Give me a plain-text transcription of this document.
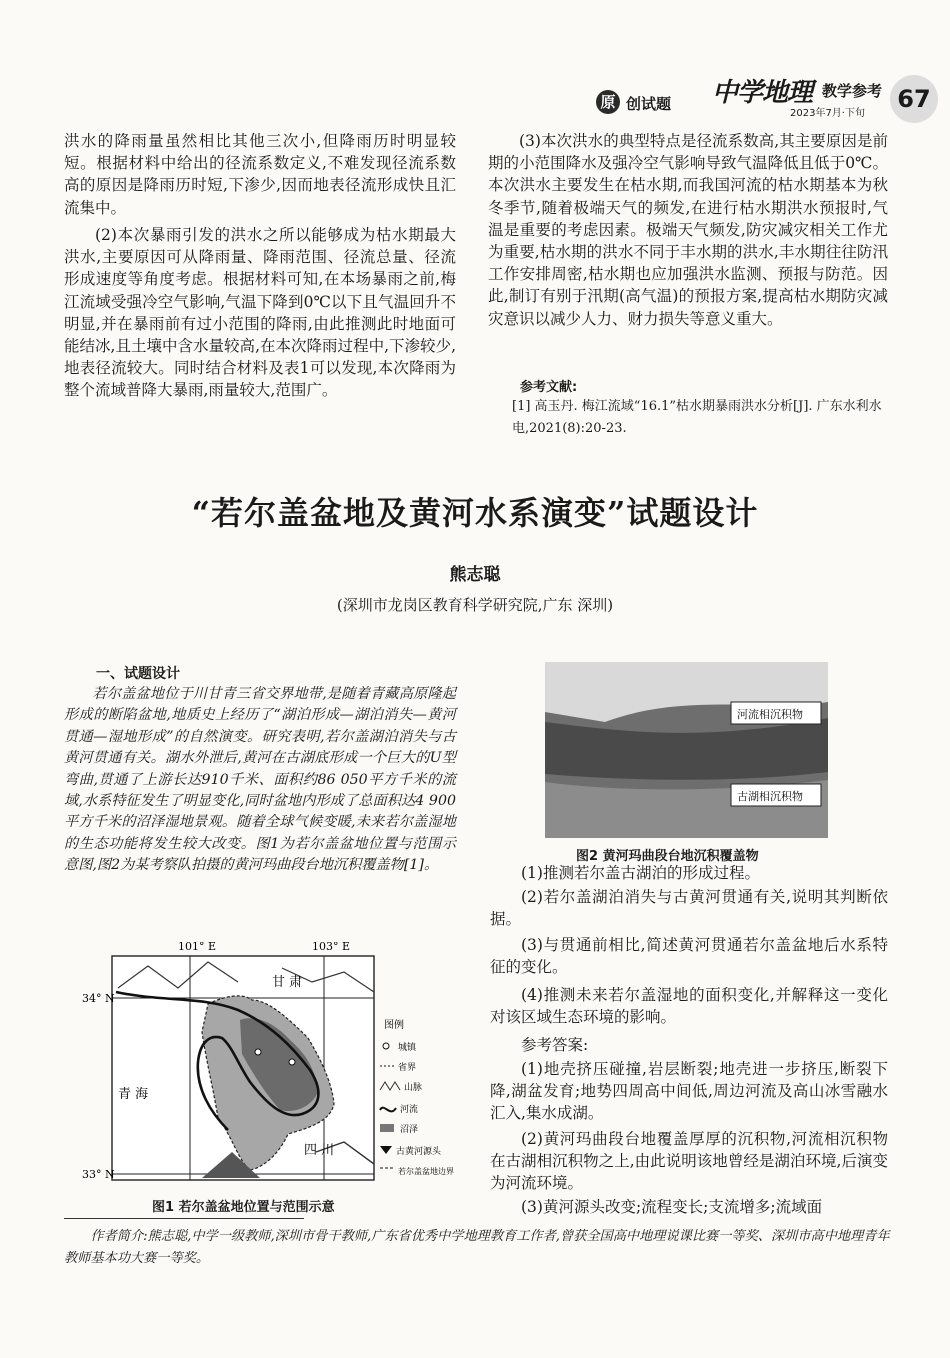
原 创试题 中学地理 教学参考
2023年7月·下旬
67

洪水的降雨量虽然相比其他三次小,但降雨历时明显较短。根据材料中给出的径流系数定义,不难发现径流系数高的原因是降雨历时短,下渗少,因而地表径流形成快且汇流集中。

(2)本次暴雨引发的洪水之所以能够成为枯水期最大洪水,主要原因可从降雨量、降雨范围、径流总量、径流形成速度等角度考虑。根据材料可知,在本场暴雨之前,梅江流域受强冷空气影响,气温下降到0℃以下且气温回升不明显,并在暴雨前有过小范围的降雨,由此推测此时地面可能结冰,且土壤中含水量较高,在本次降雨过程中,下渗较少,地表径流较大。同时结合材料及表1可以发现,本次降雨为整个流域普降大暴雨,雨量较大,范围广。

(3)本次洪水的典型特点是径流系数高,其主要原因是前期的小范围降水及强冷空气影响导致气温降低且低于0℃。本次洪水主要发生在枯水期,而我国河流的枯水期基本为秋冬季节,随着极端天气的频发,在进行枯水期洪水预报时,气温是重要的考虑因素。极端天气频发,防灾减灾相关工作尤为重要,枯水期的洪水不同于丰水期的洪水,丰水期往往防汛工作安排周密,枯水期也应加强洪水监测、预报与防范。因此,制订有别于汛期(高气温)的预报方案,提高枯水期防灾减灾意识以减少人力、财力损失等意义重大。

参考文献:
[1] 高玉丹. 梅江流域“16.1”枯水期暴雨洪水分析[J]. 广东水利水电,2021(8):20-23.
“若尔盖盆地及黄河水系演变”试题设计
熊志聪
(深圳市龙岗区教育科学研究院,广东 深圳)
一、试题设计

若尔盖盆地位于川甘青三省交界地带,是随着青藏高原隆起形成的断陷盆地,地质史上经历了“湖泊形成—湖泊消失—黄河贯通—湿地形成”的自然演变。研究表明,若尔盖湖泊消失与古黄河贯通有关。湖水外泄后,黄河在古湖底形成一个巨大的U型弯曲,贯通了上游长达910千米、面积约86 050平方千米的流域,水系特征发生了明显变化,同时盆地内形成了总面积达4 900平方千米的沼泽湿地景观。随着全球气候变暖,未来若尔盖湿地的生态功能将发生较大改变。图1为若尔盖盆地位置与范围示意图,图2为某考察队拍摄的黄河玛曲段台地沉积覆盖物[1]。

101° E	103° E
34° N
33° N
甘 肃
青 海
四 川
图例
城镇
省界
山脉
河流
沼泽
古黄河源头
若尔盖盆地边界
图1 若尔盖盆地位置与范围示意
河流相沉积物
古湖相沉积物
图2 黄河玛曲段台地沉积覆盖物

(1)推测若尔盖古湖泊的形成过程。

(2)若尔盖湖泊消失与古黄河贯通有关,说明其判断依据。

(3)与贯通前相比,简述黄河贯通若尔盖盆地后水系特征的变化。

(4)推测未来若尔盖湿地的面积变化,并解释这一变化对该区域生态环境的影响。

参考答案:

(1)地壳挤压碰撞,岩层断裂;地壳进一步挤压,断裂下降,湖盆发育;地势四周高中间低,周边河流及高山冰雪融水汇入,集水成湖。

(2)黄河玛曲段台地覆盖厚厚的沉积物,河流相沉积物在古湖相沉积物之上,由此说明该地曾经是湖泊环境,后演变为河流环境。

(3)黄河源头改变;流程变长;支流增多;流域面

作者简介:熊志聪,中学一级教师,深圳市骨干教师,广东省优秀中学地理教育工作者,曾获全国高中地理说课比赛一等奖、深圳市高中地理青年教师基本功大赛一等奖。
